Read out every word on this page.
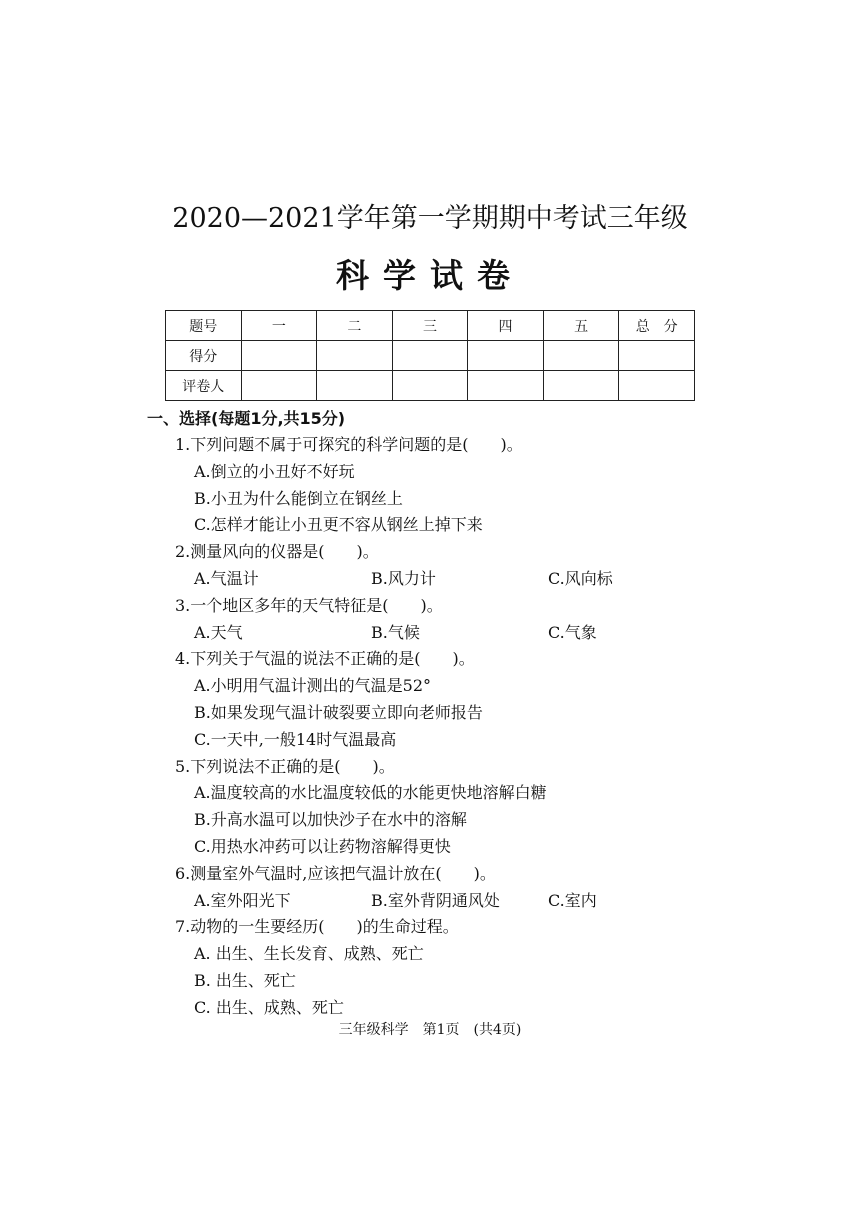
2020—2021学年第一学期期中考试三年级
科学试卷
题号	一	二	三	四	五	总　分
得分						
评卷人						
一、选择(每题1分,共15分)
1.下列问题不属于可探究的科学问题的是(　　)。
A.倒立的小丑好不好玩
B.小丑为什么能倒立在钢丝上
C.怎样才能让小丑更不容从钢丝上掉下来
2.测量风向的仪器是(　　)。
A.气温计	B.风力计	C.风向标
3.一个地区多年的天气特征是(　　)。
A.天气	B.气候	C.气象
4.下列关于气温的说法不正确的是(　　)。
A.小明用气温计测出的气温是52°
B.如果发现气温计破裂要立即向老师报告
C.一天中,一般14时气温最高
5.下列说法不正确的是(　　)。
A.温度较高的水比温度较低的水能更快地溶解白糖
B.升高水温可以加快沙子在水中的溶解
C.用热水冲药可以让药物溶解得更快
6.测量室外气温时,应该把气温计放在(　　)。
A.室外阳光下	B.室外背阴通风处	C.室内
7.动物的一生要经历(　　)的生命过程。
A. 出生、生长发育、成熟、死亡
B. 出生、死亡
C. 出生、成熟、死亡
三年级科学　第1页　(共4页)
